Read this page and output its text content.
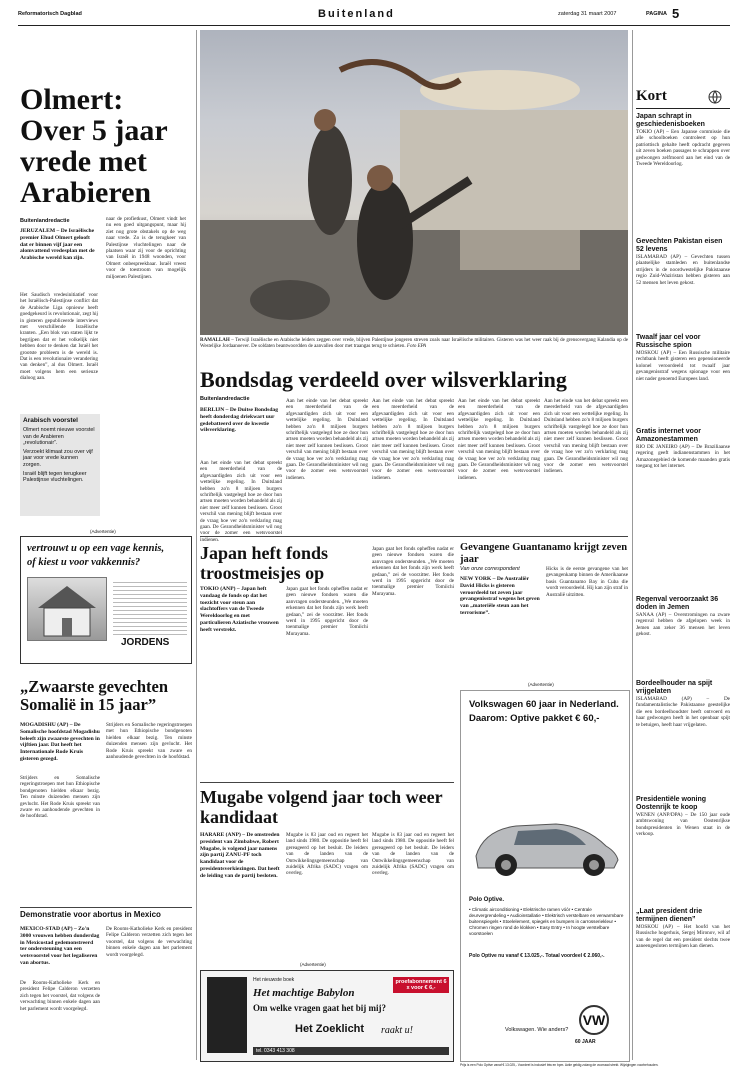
Reformatorisch Dagblad	Buitenland	zaterdag 31 maart 2007	PAGINA 5
Olmert: Over 5 jaar vrede met Arabieren
Buitenlandredactie

JERUZALEM – De Israëlische premier Ehud Olmert gelooft dat er binnen vijf jaar een alomvattend vredesplan met de Arabische wereld kan zijn.

Het Saudisch vredesinitiatief voor het Israëlisch-Palestijnse conflict dat de Arabische Liga opnieuw heeft goedgekeurd is revolutionair, zegt hij in gisteren gepubliceerde interviews met verschillende Israëlische kranten. „Een blok van staten lijkt te begrijpen dat er het volkelijk niet hebben door te denken dat Israël het grootste probleem is de wereld is. Dat is een revolutionaire verandering van denken”, al dus Olmert. Israël moet volgens hem een serieuze dialoog aan.

naar de profietkust, Olmert vindt het nu een goed uitgangspunt, maar hij ziet nog grote obstakels op de weg naar vrede. Zo is de terugkeer van Palestijnse vluchtelingen naar de plaatsen waar zij voor de oprichting van Israël in 1948 woonden, voor Olmert onbespreekbaar. Israël vreest voor de toestroom van mogelijk miljoenen Palestijnen.

Arabisch voorstel
Olmert noemt nieuwe voorstel van de Arabieren „revolutionair”.
Verzoekt klimaat zou over vijf jaar voor vrede kunnen zorgen.
Israël blijft tegen terugkeer Palestijnse vluchtelingen.
(Advertentie)
vertrouwt u op een vage kennis,
of kiest u voor vakkennis?
JORDENS
„Zwaarste gevechten Somalië in 15 jaar”

MOGADISHU (AP) – De Somalische hoofdstad Mogadishu beleeft zijn zwaarste gevechten in vijftien jaar. Dat heeft het Internationale Rode Kruis gisteren gezegd.

Strijders en Somalische regeringstroepen met hun Ethiopische bondgenoten hielden elkaar bezig. Ten minste duizenden mensen zijn gevlucht. Het Rode Kruis spreekt van zware en aanhoudende gevechten in de hoofdstad.

Strijders en Somalische regeringstroepen met hun Ethiopische bondgenoten hielden elkaar bezig. Ten minste duizenden mensen zijn gevlucht. Het Rode Kruis spreekt van zware en aanhoudende gevechten in de hoofdstad.

Demonstratie voor abortus in Mexico

MEXICO-STAD (AP) – Zo'n 3000 vrouwen hebben donderdag in Mexicostad gedemonstreerd ter ondersteuning van een wetsvoorstel voor het legaliseren van abortus.

De Rooms-Katholieke Kerk en president Felipe Calderon verzetten zich tegen het voorstel, dat volgens de verwachting binnen enkele dagen aan het parlement wordt voorgelegd.

De Rooms-Katholieke Kerk en president Felipe Calderon verzetten zich tegen het voorstel, dat volgens de verwachting binnen enkele dagen aan het parlement wordt voorgelegd.

RAMALLAH – Terwijl Israëlische en Arabische leiders zeggen over vrede, blijven Palestijnse jongeren streven zoals naar Israëlische militairen. Gisteren was het weer raak bij de grensovergang Kalandia op de Westelijke Jordaanoever. De soldaten beantwoordden de aanvallen door met traangas terug te schieten. Foto EPA

Bondsdag verdeeld over wilsverklaring
Buitenlandredactie

BERLIJN – De Duitse Bondsdag heeft donderdag driekwart uur gedebatteerd over de kwestie wilsverklaring.

Aan het einde van het debat spreekt een meerderheid van de afgevaardigden zich uit voor een wettelijke regeling. In Duitsland hebben zo'n 8 miljoen burgers schriftelijk vastgelegd hoe ze door hun artsen moeten worden behandeld als zij niet meer zelf kunnen beslissen. Groot verschil van mening blijft bestaan over de vraag hoe ver zo'n verklaring mag gaan. De Gezondheidsminister wil nog voor de zomer een wetsvoorstel indienen.

Aan het einde van het debat spreekt een meerderheid van de afgevaardigden zich uit voor een wettelijke regeling. In Duitsland hebben zo'n 8 miljoen burgers schriftelijk vastgelegd hoe ze door hun artsen moeten worden behandeld als zij niet meer zelf kunnen beslissen. Groot verschil van mening blijft bestaan over de vraag hoe ver zo'n verklaring mag gaan. De Gezondheidsminister wil nog voor de zomer een wetsvoorstel indienen.

Aan het einde van het debat spreekt een meerderheid van de afgevaardigden zich uit voor een wettelijke regeling. In Duitsland hebben zo'n 8 miljoen burgers schriftelijk vastgelegd hoe ze door hun artsen moeten worden behandeld als zij niet meer zelf kunnen beslissen. Groot verschil van mening blijft bestaan over de vraag hoe ver zo'n verklaring mag gaan. De Gezondheidsminister wil nog voor de zomer een wetsvoorstel indienen.

Aan het einde van het debat spreekt een meerderheid van de afgevaardigden zich uit voor een wettelijke regeling. In Duitsland hebben zo'n 8 miljoen burgers schriftelijk vastgelegd hoe ze door hun artsen moeten worden behandeld als zij niet meer zelf kunnen beslissen. Groot verschil van mening blijft bestaan over de vraag hoe ver zo'n verklaring mag gaan. De Gezondheidsminister wil nog voor de zomer een wetsvoorstel indienen.

Aan het einde van het debat spreekt een meerderheid van de afgevaardigden zich uit voor een wettelijke regeling. In Duitsland hebben zo'n 8 miljoen burgers schriftelijk vastgelegd hoe ze door hun artsen moeten worden behandeld als zij niet meer zelf kunnen beslissen. Groot verschil van mening blijft bestaan over de vraag hoe ver zo'n verklaring mag gaan. De Gezondheidsminister wil nog voor de zomer een wetsvoorstel indienen.

Japan heft fonds troostmeisjes op

TOKIO (ANP) – Japan heft vandaag de fonds op dat het toezicht voor steun aan slachtoffers van de Tweede Wereldoorlog en met particulieren Aziatische vrouwen heeft verstrekt.

Japan gaat het fonds opheffen nadat er geen nieuwe fondsen waren die aanvragen ondersteunden. „We moeten erkennen dat het fonds zijn werk heeft gedaan,” zei de voorzitter. Het fonds werd in 1995 opgericht door de toenmalige premier Tomiichi Murayama.

Japan gaat het fonds opheffen nadat er geen nieuwe fondsen waren die aanvragen ondersteunden. „We moeten erkennen dat het fonds zijn werk heeft gedaan,” zei de voorzitter. Het fonds werd in 1995 opgericht door de toenmalige premier Tomiichi Murayama.

Gevangene Guantanamo krijgt zeven jaar
Van onze correspondent

NEW YORK – De Australiër David Hicks is gisteren veroordeeld tot zeven jaar gevangenisstraf wegens het geven van „materiële steun aan het terrorisme”.

Hicks is de eerste gevangene van het gevangenkamp binnen de Amerikaanse basis Guantanamo Bay in Cuba die wordt veroordeeld. Hij kan zijn straf in Australië uitzitten.

Mugabe volgend jaar toch weer kandidaat

HARARE (ANP) – De omstreden president van Zimbabwe, Robert Mugabe, is volgend jaar namens zijn partij ZANU-PF toch kandidaat voor de presidentsverkiezingen. Dat heeft de leiding van de partij besloten.

Mugabe is 83 jaar oud en regeert het land sinds 1980. De oppositie heeft fel gereageerd op het besluit. De leiders van de landen van de Ontwikkelingsgemeenschap van zuidelijk Afrika (SADC) vragen om overleg.

Mugabe is 83 jaar oud en regeert het land sinds 1980. De oppositie heeft fel gereageerd op het besluit. De leiders van de landen van de Ontwikkelingsgemeenschap van zuidelijk Afrika (SADC) vragen om overleg.

(Advertentie)
Het nieuwste boek
Het machtige Babylon
Om welke vragen gaat het bij mij?
Het Zoeklicht raakt u!
proefabonnement 6 x voor € 6,-
tel. 0343 413 308
(Advertentie)
Volkswagen 60 jaar in Nederland.
Daarom: Optive pakket € 60,-
Polo Optive.
• Climatic airconditioning • Elektrische ramen vóór • Centrale deurvergrendeling • Audioinstallatie • Elektrisch verstelbare en verwarmbare buitenspiegels • Stoelelement, spiegels en bumpers in carrosseriekleur • Chromen ringen rond de klokken • Easy Entry • In hoogte verstelbare voorstoelen
Polo Optive nu vanaf € 13.025,-. Totaal voordeel € 2.060,-.
Volkswagen. Wie anders?
VW
60 JAAR
Prijs is een Polo Optive vanaf € 13.025,- Voordeel is inclusief btw en bpm. Actie geldig zolang de voorraad strekt. Wijzigingen voorbehouden.
Kort
Japan schrapt in geschiedenisboeken

TOKIO (AP) – Een Japanse commissie die alle schoolboeken controleert op hun patriottisch gehalte heeft opdracht gegeven uit zeven boeken passages te schrappen over gedwongen zelfmoord aan het eind van de Tweede Wereldoorlog.

Gevechten Pakistan eisen 52 levens

ISLAMABAD (AP) – Gevechten tussen plaatselijke stamleden en buitenlandse strijders in de noordwestelijke Pakistaanse regio Zuid-Waziristan hebben gisteren aan 52 mensen het leven gekost.

Twaalf jaar cel voor Russische spion

MOSKOU (AP) – Een Russische militaire rechtbank heeft gisteren een gepensioneerde kolonel veroordeeld tot twaalf jaar gevangenisstraf wegens spionage voor een niet nader genoemd Europees land.

Gratis internet voor Amazonestammen

RIO DE JANEIRO (AP) – De Braziliaanse regering geeft indianenstammen in het Amazonegebied de komende maanden gratis toegang tot het internet.

Regenval veroorzaakt 36 doden in Jemen

SANAA (AP) – Overstromingen na zware regenval hebben de afgelopen week in Jemen aan zeker 36 mensen het leven gekost.

Bordeelhouder na spijt vrijgelaten

ISLAMABAD (AP) – De fundamentalistische Pakistaanse geestelijke die een bordeelhoudster heeft ontvoerd en haar gedwongen heeft in het openbaar spijt te betuigen, heeft haar vrijgelaten.

Presidentiële woning Oostenrijk te koop

WENEN (ANP/DPA) – De 150 jaar oude ambtswoning van Oostenrijkse bondspresidenten in Wenen staat in de verkoop.

„Laat president drie termijnen dienen”

MOSKOU (AP) – Het hoofd van het Russische hogerhuis, Sergej Mironov, wil af van de regel dat een president slechts twee aaneengesloten termijnen kan dienen.
